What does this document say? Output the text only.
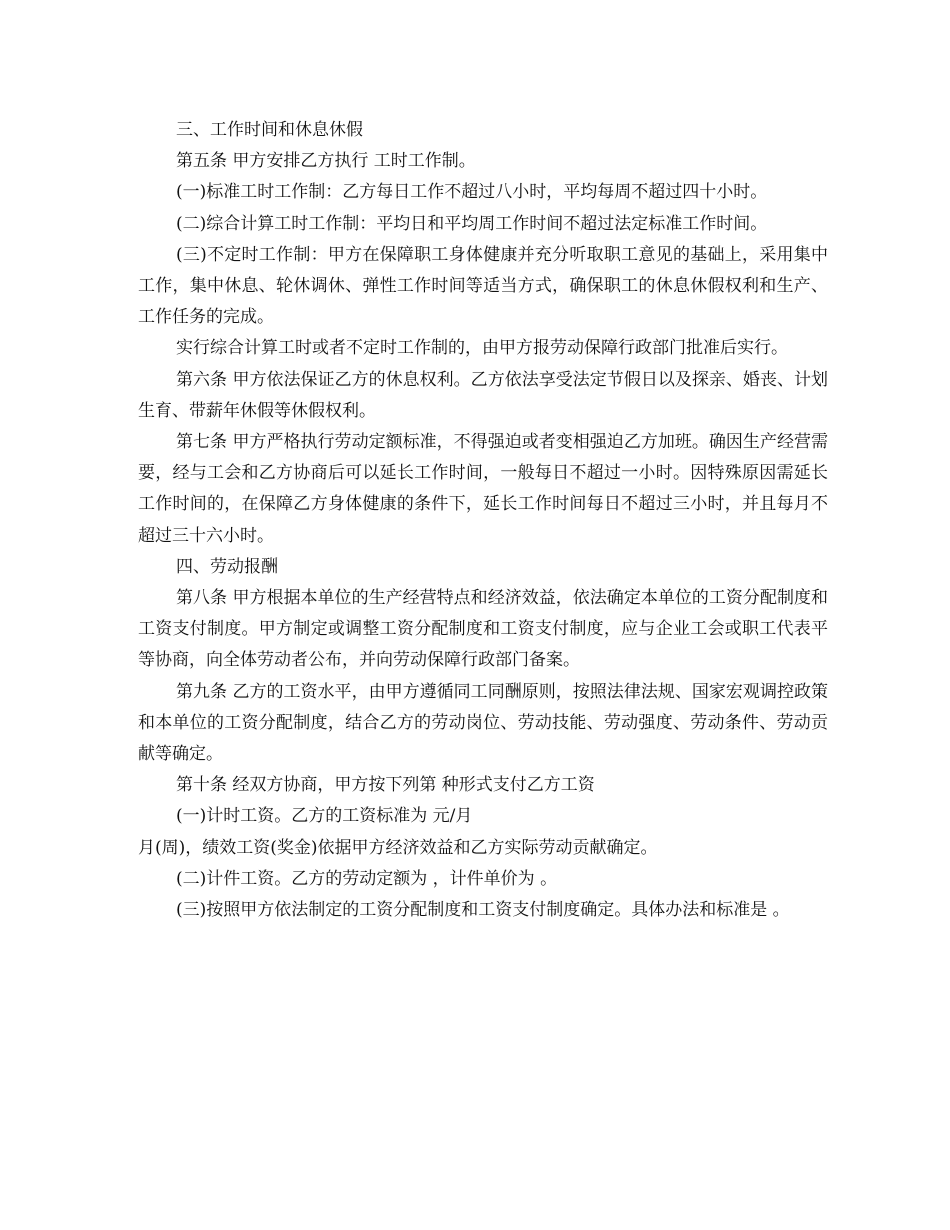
三、工作时间和休息休假

第五条 甲方安排乙方执行 工时工作制。

(一)标准工时工作制：乙方每日工作不超过八小时，平均每周不超过四十小时。

(二)综合计算工时工作制：平均日和平均周工作时间不超过法定标准工作时间。

(三)不定时工作制：甲方在保障职工身体健康并充分听取职工意见的基础上，采用集中工作，集中休息、轮休调休、弹性工作时间等适当方式，确保职工的休息休假权利和生产、工作任务的完成。

实行综合计算工时或者不定时工作制的，由甲方报劳动保障行政部门批准后实行。

第六条 甲方依法保证乙方的休息权利。乙方依法享受法定节假日以及探亲、婚丧、计划生育、带薪年休假等休假权利。

第七条 甲方严格执行劳动定额标准，不得强迫或者变相强迫乙方加班。确因生产经营需要，经与工会和乙方协商后可以延长工作时间，一般每日不超过一小时。因特殊原因需延长工作时间的，在保障乙方身体健康的条件下，延长工作时间每日不超过三小时，并且每月不超过三十六小时。

四、劳动报酬

第八条 甲方根据本单位的生产经营特点和经济效益，依法确定本单位的工资分配制度和工资支付制度。甲方制定或调整工资分配制度和工资支付制度，应与企业工会或职工代表平等协商，向全体劳动者公布，并向劳动保障行政部门备案。

第九条 乙方的工资水平，由甲方遵循同工同酬原则，按照法律法规、国家宏观调控政策和本单位的工资分配制度，结合乙方的劳动岗位、劳动技能、劳动强度、劳动条件、劳动贡献等确定。

第十条 经双方协商，甲方按下列第 种形式支付乙方工资

(一)计时工资。乙方的工资标准为 元/月

月(周)，绩效工资(奖金)依据甲方经济效益和乙方实际劳动贡献确定。

(二)计件工资。乙方的劳动定额为 ，计件单价为 。

(三)按照甲方依法制定的工资分配制度和工资支付制度确定。具体办法和标准是 。
